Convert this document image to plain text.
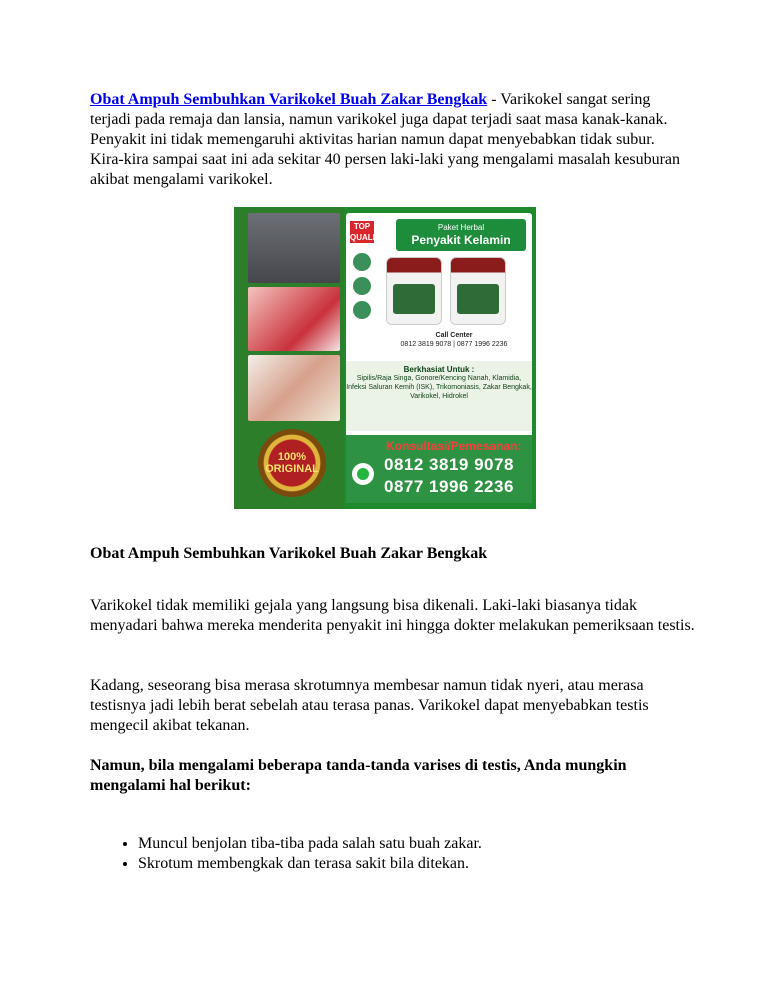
Obat Ampuh Sembuhkan Varikokel Buah Zakar Bengkak - Varikokel sangat sering terjadi pada remaja dan lansia, namun varikokel juga dapat terjadi saat masa kanak-kanak. Penyakit ini tidak memengaruhi aktivitas harian namun dapat menyebabkan tidak subur. Kira-kira sampai saat ini ada sekitar 40 persen laki-laki yang mengalami masalah kesuburan akibat mengalami varikokel.

100% ORIGINAL
TOP QUALITY
Paket Herbal
Penyakit Kelamin
Call Center
0812 3819 9078 | 0877 1996 2236
Berkhasiat Untuk :
Sipilis/Raja Singa, Gonore/Kencing Nanah, Klamidia, Infeksi Saluran Kemih (ISK), Trikomoniasis, Zakar Bengkak, Varikokel, Hidrokel
Konsultasi/Pemesanan:
0812 3819 9078
0877 1996 2236
Obat Ampuh Sembuhkan Varikokel Buah Zakar Bengkak

Varikokel tidak memiliki gejala yang langsung bisa dikenali. Laki-laki biasanya tidak menyadari bahwa mereka menderita penyakit ini hingga dokter melakukan pemeriksaan testis.

Kadang, seseorang bisa merasa skrotumnya membesar namun tidak nyeri, atau merasa testisnya jadi lebih berat sebelah atau terasa panas. Varikokel dapat menyebabkan testis mengecil akibat tekanan.

Namun, bila mengalami beberapa tanda-tanda varises di testis, Anda mungkin mengalami hal berikut:

• Muncul benjolan tiba-tiba pada salah satu buah zakar.
• Skrotum membengkak dan terasa sakit bila ditekan.
